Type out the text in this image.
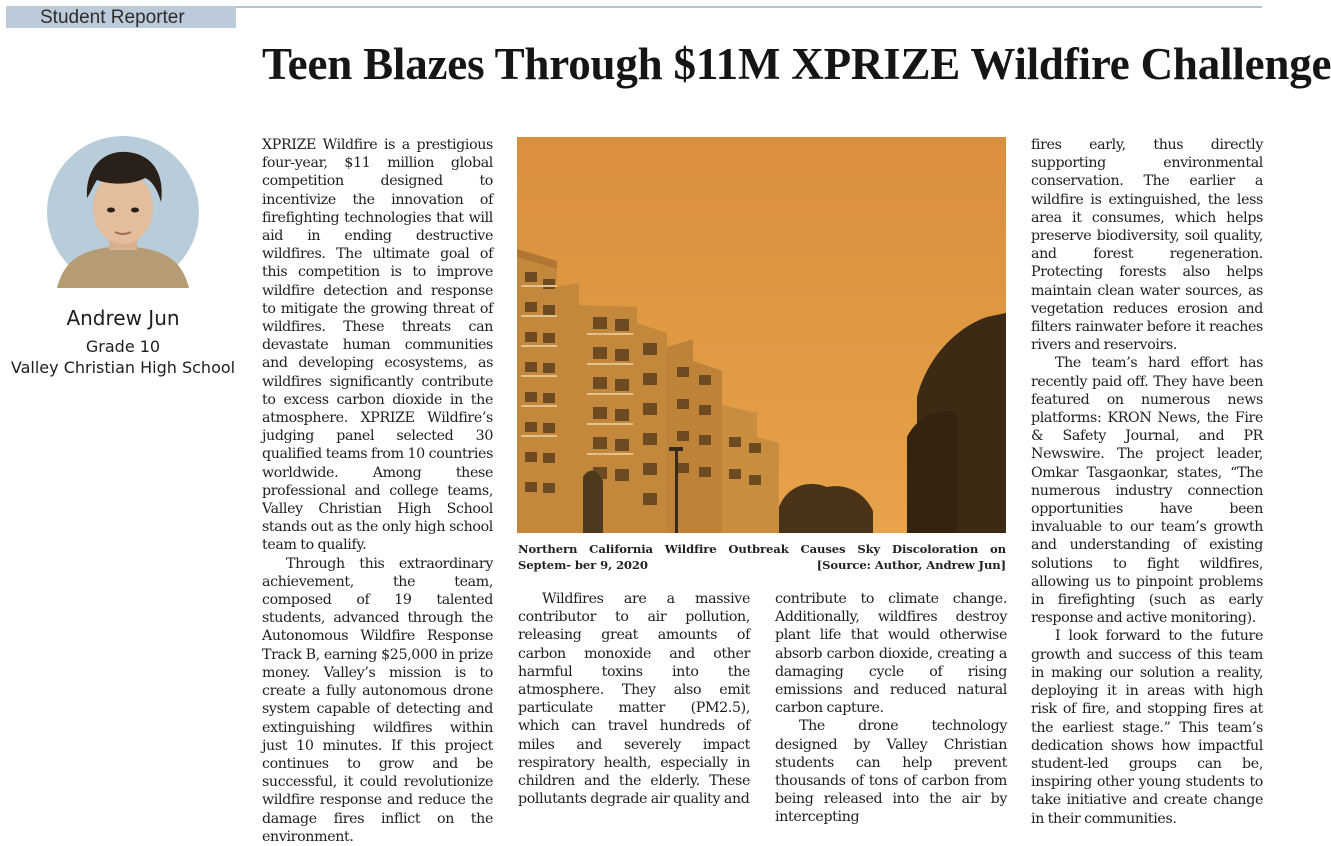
Student Reporter
Teen Blazes Through $11M XPRIZE Wildfire Challenge
Andrew Jun
Grade 10
Valley Christian High School

XPRIZE Wildfire is a prestigious four-year, $11 million global competition designed to incentivize the innovation of firefighting technologies that will aid in ending destructive wildfires. The ultimate goal of this competition is to improve wildfire detection and response to mitigate the growing threat of wildfires. These threats can devastate human communities and developing ecosystems, as wildfires significantly contribute to excess carbon dioxide in the atmosphere. XPRIZE Wildfire’s judging panel selected 30 qualified teams from 10 countries worldwide. Among these professional and college teams, Valley Christian High School stands out as the only high school team to qualify.

Through this extraordinary achievement, the team, composed of 19 talented students, advanced through the Autonomous Wildfire Response Track B, earning $25,000 in prize money. Valley’s mission is to create a fully autonomous drone system capable of detecting and extinguishing wildfires within just 10 minutes. If this project continues to grow and be successful, it could revolutionize wildfire response and reduce the damage fires inflict on the environment.

Northern California Wildfire Outbreak Causes Sky Discoloration on Septem- ber 9, 2020	[Source: Author, Andrew Jun]

Wildfires are a massive contributor to air pollution, releasing great amounts of carbon monoxide and other harmful toxins into the atmosphere. They also emit particulate matter (PM2.5), which can travel hundreds of miles and severely impact respiratory health, especially in children and the elderly. These pollutants degrade air quality and

contribute to climate change. Additionally, wildfires destroy plant life that would otherwise absorb carbon dioxide, creating a damaging cycle of rising emissions and reduced natural carbon capture.

The drone technology designed by Valley Christian students can help prevent thousands of tons of carbon from being released into the air by intercepting

fires early, thus directly supporting environmental conservation. The earlier a wildfire is extinguished, the less area it consumes, which helps preserve biodiversity, soil quality, and forest regeneration. Protecting forests also helps maintain clean water sources, as vegetation reduces erosion and filters rainwater before it reaches rivers and reservoirs.

The team’s hard effort has recently paid off. They have been featured on numerous news platforms: KRON News, the Fire & Safety Journal, and PR Newswire. The project leader, Omkar Tasgaonkar, states, “The numerous industry connection opportunities have been invaluable to our team’s growth and understanding of existing solutions to fight wildfires, allowing us to pinpoint problems in firefighting (such as early response and active monitoring).

I look forward to the future growth and success of this team in making our solution a reality, deploying it in areas with high risk of fire, and stopping fires at the earliest stage.” This team’s dedication shows how impactful student-led groups can be, inspiring other young students to take initiative and create change in their communities.
